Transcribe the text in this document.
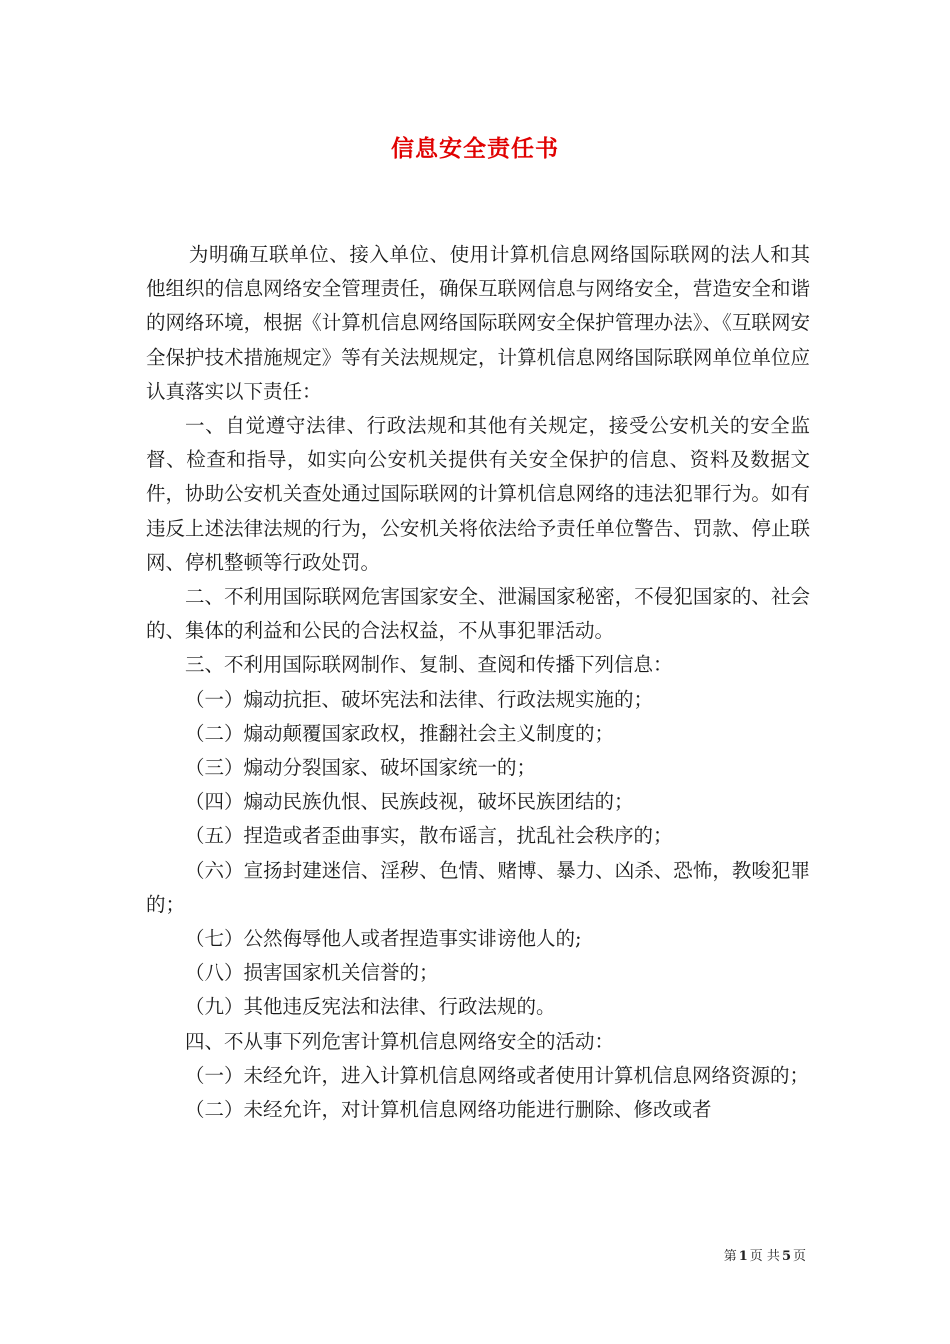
信息安全责任书

为明确互联单位、接入单位、使用计算机信息网络国际联网的法人和其他组织的信息网络安全管理责任，确保互联网信息与网络安全，营造安全和谐的网络环境，根据《计算机信息网络国际联网安全保护管理办法》、《互联网安全保护技术措施规定》等有关法规规定，计算机信息网络国际联网单位单位应认真落实以下责任：

一、自觉遵守法律、行政法规和其他有关规定，接受公安机关的安全监督、检查和指导，如实向公安机关提供有关安全保护的信息、资料及数据文件，协助公安机关查处通过国际联网的计算机信息网络的违法犯罪行为。如有违反上述法律法规的行为，公安机关将依法给予责任单位警告、罚款、停止联网、停机整顿等行政处罚。

二、不利用国际联网危害国家安全、泄漏国家秘密，不侵犯国家的、社会的、集体的利益和公民的合法权益，不从事犯罪活动。

三、不利用国际联网制作、复制、查阅和传播下列信息：

（一）煽动抗拒、破坏宪法和法律、行政法规实施的；

（二）煽动颠覆国家政权，推翻社会主义制度的；

（三）煽动分裂国家、破坏国家统一的；

（四）煽动民族仇恨、民族歧视，破坏民族团结的；

（五）捏造或者歪曲事实，散布谣言，扰乱社会秩序的；

（六）宣扬封建迷信、淫秽、色情、赌博、暴力、凶杀、恐怖，教唆犯罪的；

（七）公然侮辱他人或者捏造事实诽谤他人的;

（八）损害国家机关信誉的；

（九）其他违反宪法和法律、行政法规的。

四、不从事下列危害计算机信息网络安全的活动：

（一）未经允许，进入计算机信息网络或者使用计算机信息网络资源的；

（二）未经允许，对计算机信息网络功能进行删除、修改或者

第 1 页 共 5 页
